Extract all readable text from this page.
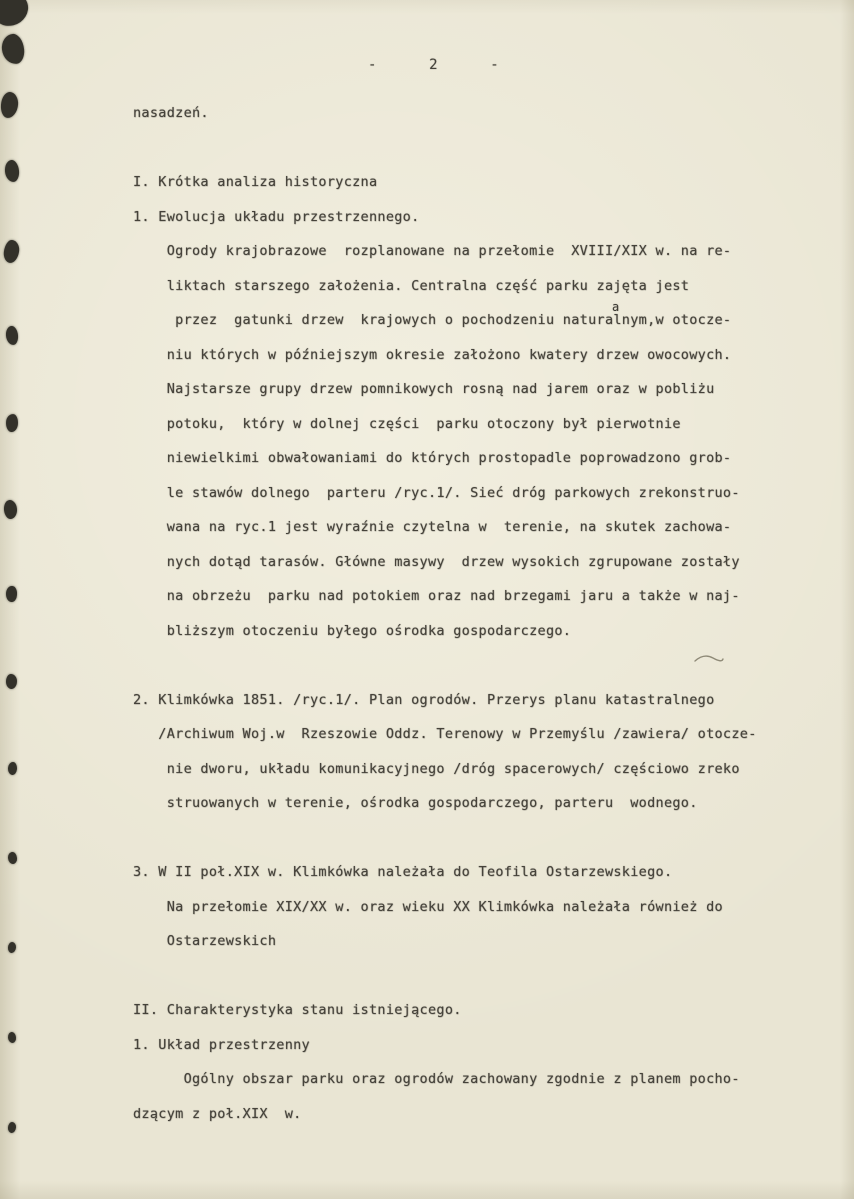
-      2      -
nasadzeń.
I. Krótka analiza historyczna
1. Ewolucja układu przestrzennego.
Ogrody krajobrazowe  rozplanowane na przełomie  XVIII/XIX w. na re-
liktach starszego założenia. Centralna część parku zajęta jest
przez  gatunki drzew  krajowych o pochodzeniu naturalnym,w otocze-
niu których w późniejszym okresie założono kwatery drzew owocowych.
Najstarsze grupy drzew pomnikowych rosną nad jarem oraz w pobliżu
potoku,  który w dolnej części  parku otoczony był pierwotnie
niewielkimi obwałowaniami do których prostopadle poprowadzono grob-
le stawów dolnego  parteru /ryc.1/. Sieć dróg parkowych zrekonstruo-
wana na ryc.1 jest wyraźnie czytelna w  terenie, na skutek zachowa-
nych dotąd tarasów. Główne masywy  drzew wysokich zgrupowane zostały
na obrzeżu  parku nad potokiem oraz nad brzegami jaru a także w naj-
bliższym otoczeniu byłego ośrodka gospodarczego.
2. Klimkówka 1851. /ryc.1/. Plan ogrodów. Przerys planu katastralnego
/Archiwum Woj.w  Rzeszowie Oddz. Terenowy w Przemyślu /zawiera/ otocze-
nie dworu, układu komunikacyjnego /dróg spacerowych/ częściowo zreko
struowanych w terenie, ośrodka gospodarczego, parteru  wodnego.
3. W II poł.XIX w. Klimkówka należała do Teofila Ostarzewskiego.
Na przełomie XIX/XX w. oraz wieku XX Klimkówka należała również do
Ostarzewskich
II. Charakterystyka stanu istniejącego.
1. Układ przestrzenny
Ogólny obszar parku oraz ogrodów zachowany zgodnie z planem pocho-
dzącym z poł.XIX  w.
a
